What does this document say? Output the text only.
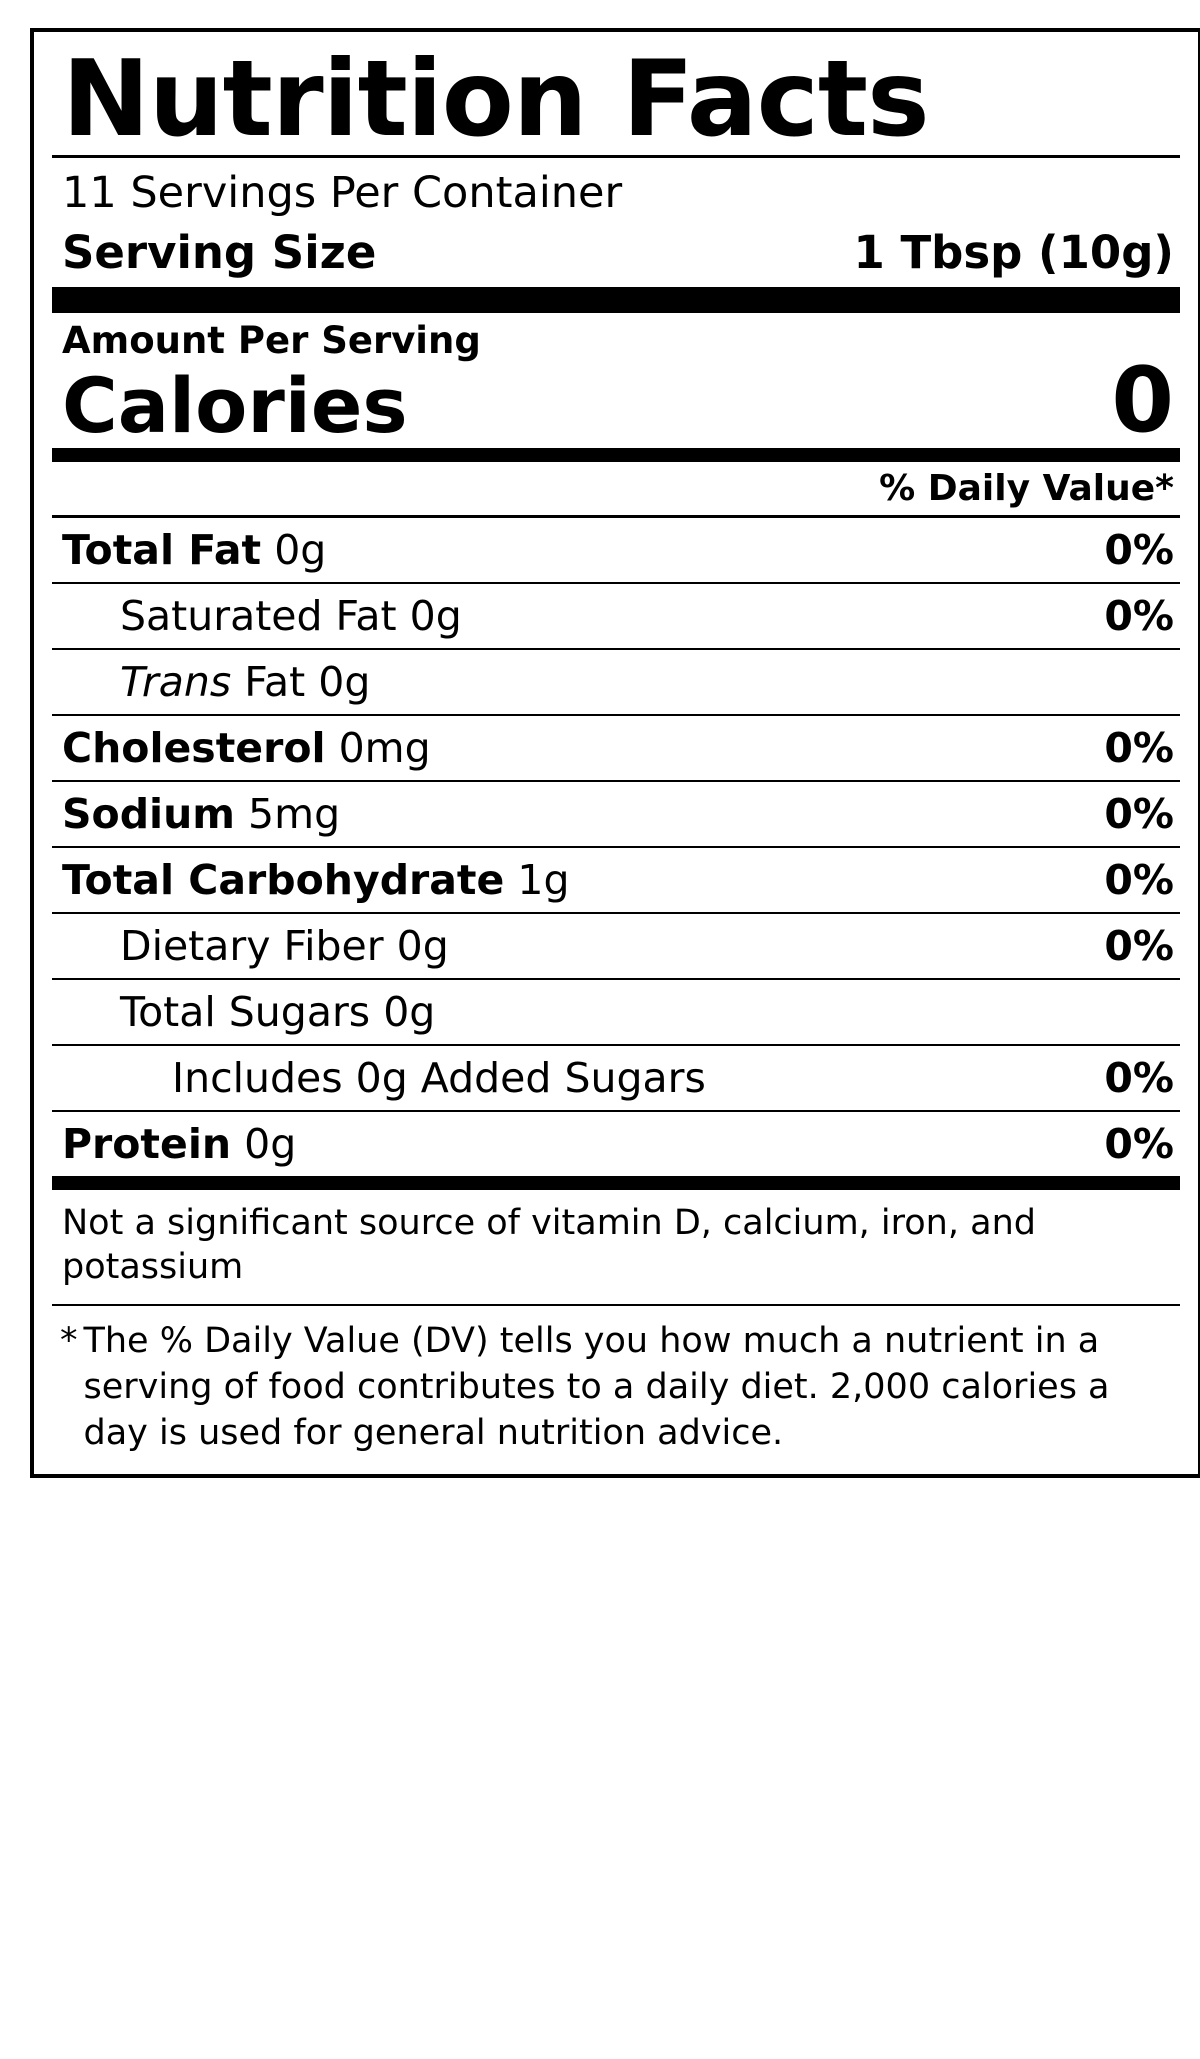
Nutrition Facts
11 Servings Per Container
Serving Size	1 Tbsp (10g)
Amount Per Serving
Calories	0
% Daily Value*
Total Fat 0g	0%
Saturated Fat 0g	0%
Trans Fat 0g
Cholesterol 0mg	0%
Sodium 5mg	0%
Total Carbohydrate 1g	0%
Dietary Fiber 0g	0%
Total Sugars 0g
Includes 0g Added Sugars	0%
Protein 0g	0%
Not a significant source of vitamin D, calcium, iron, and potassium
* The % Daily Value (DV) tells you how much a nutrient in a serving of food contributes to a daily diet. 2,000 calories a day is used for general nutrition advice.
